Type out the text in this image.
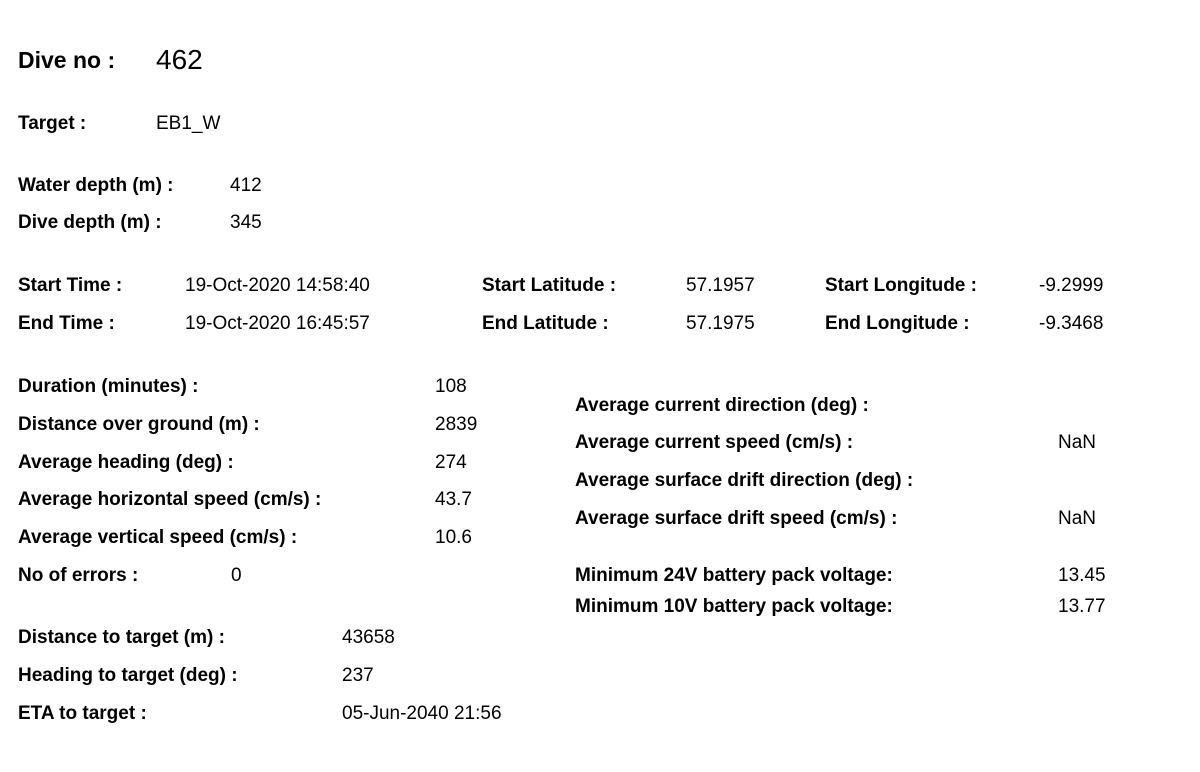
Dive no : 462
Target :	EB1_W
Water depth (m) :	412
Dive depth (m) :	345
Start Time :	19-Oct-2020 14:58:40
End Time :	19-Oct-2020 16:45:57
Start Latitude :	57.1957
End Latitude :	57.1975
Start Longitude :	-9.2999
End Longitude :	-9.3468
Duration (minutes) :	108
Distance over ground (m) :	2839
Average heading (deg) :	274
Average horizontal speed (cm/s) :	43.7
Average vertical speed (cm/s) :	10.6
No of errors :	0
Average current direction (deg) :
Average current speed (cm/s) :	NaN
Average surface drift direction (deg) :
Average surface drift speed (cm/s) :	NaN
Minimum 24V battery pack voltage:	13.45
Minimum 10V battery pack voltage:	13.77
Distance to target (m) :	43658
Heading to target (deg) :	237
ETA to target :	05-Jun-2040 21:56
